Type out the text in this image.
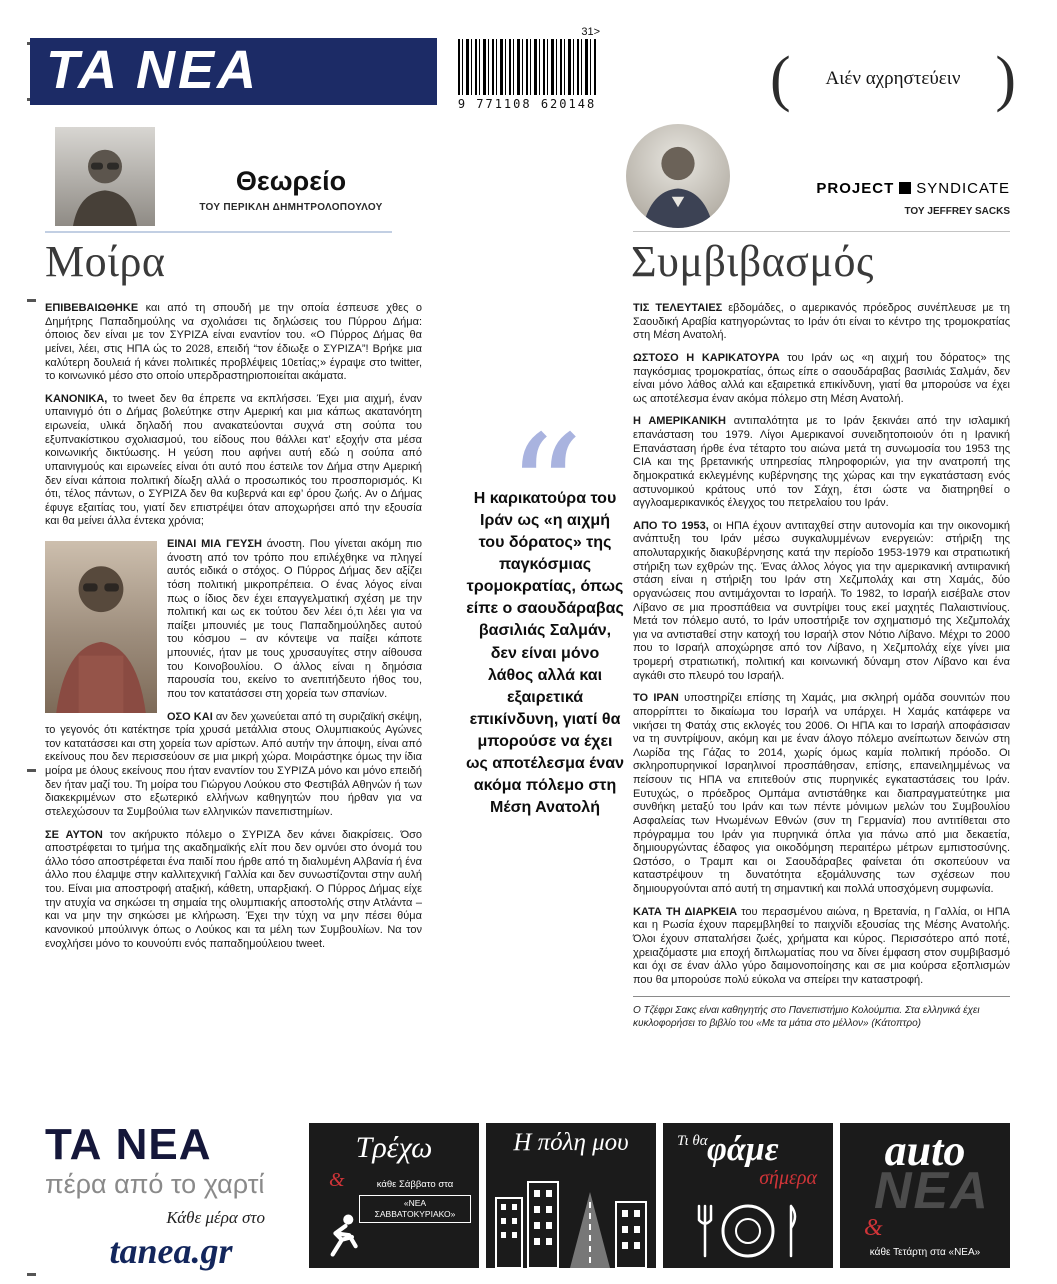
ΤΑ ΝΕΑ
31>
9 771108 620148	( Αιέν αχρηστεύειν )
Θεωρείο
ΤΟΥ ΠΕΡΙΚΛΗ ΔΗΜΗΤΡΟΛΟΠΟΥΛΟΥ
PROJECT SYNDICATE
ΤΟΥ JEFFREY SACKS
Μοίρα	Συμβιβασμός

ΕΠΙΒΕΒΑΙΩΘΗΚΕ και από τη σπουδή με την οποία έσπευσε χθες ο Δημήτρης Παπαδημούλης να σχολιάσει τις δηλώσεις του Πύρρου Δήμα: όποιος δεν είναι με τον ΣΥΡΙΖΑ είναι εναντίον του. «Ο Πύρρος Δήμας θα μείνει, λέει, στις ΗΠΑ ώς το 2028, επειδή “τον έδιωξε ο ΣΥΡΙΖΑ”! Βρήκε μια καλύτερη δουλειά ή κάνει πολιτικές προβλέψεις 10ετίας;» έγραψε στο twitter, το κοινωνικό μέσο στο οποίο υπερδραστηριοποιείται ακάματα.

ΚΑΝΟΝΙΚΑ, το tweet δεν θα έπρεπε να εκπλήσσει. Έχει μια αιχμή, έναν υπαινιγμό ότι ο Δήμας βολεύτηκε στην Αμερική και μια κάπως ακατανόητη ειρωνεία, υλικά δηλαδή που ανακατεύονται συχνά στη σούπα του εξυπνακίστικου σχολιασμού, του είδους που θάλλει κατ’ εξοχήν στα μέσα κοινωνικής δικτύωσης. Η γεύση που αφήνει αυτή εδώ η σούπα από υπαινιγμούς και ειρωνείες είναι ότι αυτό που έστειλε τον Δήμα στην Αμερική δεν είναι κάποια πολιτική δίωξη αλλά ο προσωπικός του προσπορισμός. Κι ότι, τέλος πάντων, ο ΣΥΡΙΖΑ δεν θα κυβερνά και εφ’ όρου ζωής. Αν ο Δήμας έφυγε εξαιτίας του, γιατί δεν επιστρέψει όταν αποχωρήσει από την εξουσία και θα μείνει άλλα έντεκα χρόνια;

ΕΙΝΑΙ ΜΙΑ ΓΕΥΣΗ άνοστη. Που γίνεται ακόμη πιο άνοστη από τον τρόπο που επιλέχθηκε να πληγεί αυτός ειδικά ο στόχος. Ο Πύρρος Δήμας δεν αξίζει τόση πολιτική μικροπρέπεια. Ο ένας λόγος είναι πως ο ίδιος δεν έχει επαγγελματική σχέση με την πολιτική και ως εκ τούτου δεν λέει ό,τι λέει για να παίξει μπουνιές με τους Παπαδημούληδες αυτού του κόσμου – αν κόντεψε να παίξει κάποτε μπουνιές, ήταν με τους χρυσαυγίτες στην αίθουσα του Κοινοβουλίου. Ο άλλος είναι η δημόσια παρουσία του, εκείνο το ανεπιτήδευτο ήθος του, που τον κατατάσσει στη χορεία των σπανίων.

ΟΣΟ ΚΑΙ αν δεν χωνεύεται από τη συριζαϊκή σκέψη, το γεγονός ότι κατέκτησε τρία χρυσά μετάλλια στους Ολυμπιακούς Αγώνες τον κατατάσσει και στη χορεία των αρίστων. Από αυτήν την άποψη, είναι από εκείνους που δεν περισσεύουν σε μια μικρή χώρα. Μοιράστηκε όμως την ίδια μοίρα με όλους εκείνους που ήταν εναντίον του ΣΥΡΙΖΑ μόνο και μόνο επειδή δεν ήταν μαζί του. Τη μοίρα του Γιώργου Λούκου στο Φεστιβάλ Αθηνών ή των διακεκριμένων στο εξωτερικό ελλήνων καθηγητών που ήρθαν για να στελεχώσουν τα Συμβούλια των ελληνικών πανεπιστημίων.

ΣΕ ΑΥΤΟΝ τον ακήρυκτο πόλεμο ο ΣΥΡΙΖΑ δεν κάνει διακρίσεις. Όσο αποστρέφεται το τμήμα της ακαδημαϊκής ελίτ που δεν ομνύει στο όνομά του άλλο τόσο αποστρέφεται ένα παιδί που ήρθε από τη διαλυμένη Αλβανία ή ένα άλλο που έλαμψε στην καλλιτεχνική Γαλλία και δεν συνωστίζονται στην αυλή του. Είναι μια αποστροφή αταξική, κάθετη, υπαρξιακή. Ο Πύρρος Δήμας είχε την ατυχία να σηκώσει τη σημαία της ολυμπιακής αποστολής στην Ατλάντα – και να μην την σηκώσει με κλήρωση. Έχει την τύχη να μην πέσει θύμα κανονικού μπούλινγκ όπως ο Λούκος και τα μέλη των Συμβουλίων. Να τον ενοχλήσει μόνο το κουνούπι ενός παπαδημούλειου tweet.

“
Η καρικατούρα του Ιράν ως «η αιχμή του δόρατος» της παγκόσμιας τρομοκρατίας, όπως είπε ο σαουδάραβας βασιλιάς Σαλμάν, δεν είναι μόνο λάθος αλλά και εξαιρετικά επικίνδυνη, γιατί θα μπορούσε να έχει ως αποτέλεσμα έναν ακόμα πόλεμο στη Μέση Ανατολή
”

ΤΙΣ ΤΕΛΕΥΤΑΙΕΣ εβδομάδες, ο αμερικανός πρόεδρος συνέπλευσε με τη Σαουδική Αραβία κατηγορώντας το Ιράν ότι είναι το κέντρο της τρομοκρατίας στη Μέση Ανατολή.

ΩΣΤΟΣΟ Η ΚΑΡΙΚΑΤΟΥΡΑ του Ιράν ως «η αιχμή του δόρατος» της παγκόσμιας τρομοκρατίας, όπως είπε ο σαουδάραβας βασιλιάς Σαλμάν, δεν είναι μόνο λάθος αλλά και εξαιρετικά επικίνδυνη, γιατί θα μπορούσε να έχει ως αποτέλεσμα έναν ακόμα πόλεμο στη Μέση Ανατολή.

Η ΑΜΕΡΙΚΑΝΙΚΗ αντιπαλότητα με το Ιράν ξεκινάει από την ισλαμική επανάσταση του 1979. Λίγοι Αμερικανοί συνειδητοποιούν ότι η Ιρανική Επανάσταση ήρθε ένα τέταρτο του αιώνα μετά τη συνωμοσία του 1953 της CIA και της βρετανικής υπηρεσίας πληροφοριών, για την ανατροπή της δημοκρατικά εκλεγμένης κυβέρνησης της χώρας και την εγκατάσταση ενός αστυνομικού κράτους υπό τον Σάχη, έτσι ώστε να διατηρηθεί ο αγγλοαμερικανικός έλεγχος του πετρελαίου του Ιράν.

ΑΠΟ ΤΟ 1953, οι ΗΠΑ έχουν αντιταχθεί στην αυτονομία και την οικονομική ανάπτυξη του Ιράν μέσω συγκαλυμμένων ενεργειών: στήριξη της απολυταρχικής διακυβέρνησης κατά την περίοδο 1953-1979 και στρατιωτική στήριξη των εχθρών της. Ένας άλλος λόγος για την αμερικανική αντιιρανική στάση είναι η στήριξη του Ιράν στη Χεζμπολάχ και στη Χαμάς, δύο οργανώσεις που αντιμάχονται το Ισραήλ. Το 1982, το Ισραήλ εισέβαλε στον Λίβανο σε μια προσπάθεια να συντρίψει τους εκεί μαχητές Παλαιστινίους. Μετά τον πόλεμο αυτό, το Ιράν υποστήριξε τον σχηματισμό της Χεζμπολάχ για να αντισταθεί στην κατοχή του Ισραήλ στον Νότιο Λίβανο. Μέχρι το 2000 που το Ισραήλ αποχώρησε από τον Λίβανο, η Χεζμπολάχ είχε γίνει μια τρομερή στρατιωτική, πολιτική και κοινωνική δύναμη στον Λίβανο και ένα αγκάθι στο πλευρό του Ισραήλ.

ΤΟ ΙΡΑΝ υποστηρίζει επίσης τη Χαμάς, μια σκληρή ομάδα σουνιτών που απορρίπτει το δικαίωμα του Ισραήλ να υπάρχει. Η Χαμάς κατάφερε να νικήσει τη Φατάχ στις εκλογές του 2006. Οι ΗΠΑ και το Ισραήλ αποφάσισαν να τη συντρίψουν, ακόμη και με έναν άλογο πόλεμο ανείπωτων δεινών στη Λωρίδα της Γάζας το 2014, χωρίς όμως καμία πολιτική πρόοδο. Οι σκληροπυρηνικοί Ισραηλινοί προσπάθησαν, επίσης, επανειλημμένως να πείσουν τις ΗΠΑ να επιτεθούν στις πυρηνικές εγκαταστάσεις του Ιράν. Ευτυχώς, ο πρόεδρος Ομπάμα αντιστάθηκε και διαπραγματεύτηκε μια συνθήκη μεταξύ του Ιράν και των πέντε μόνιμων μελών του Συμβουλίου Ασφαλείας των Ηνωμένων Εθνών (συν τη Γερμανία) που αντιτίθεται στο πρόγραμμα του Ιράν για πυρηνικά όπλα για πάνω από μια δεκαετία, δημιουργώντας έδαφος για οικοδόμηση περαιτέρω μέτρων εμπιστοσύνης. Ωστόσο, ο Τραμπ και οι Σαουδάραβες φαίνεται ότι σκοπεύουν να καταστρέψουν τη δυνατότητα εξομάλυνσης των σχέσεων που δημιουργούνται από αυτή τη σημαντική και πολλά υποσχόμενη συμφωνία.

ΚΑΤΑ ΤΗ ΔΙΑΡΚΕΙΑ του περασμένου αιώνα, η Βρετανία, η Γαλλία, οι ΗΠΑ και η Ρωσία έχουν παρεμβληθεί το παιχνίδι εξουσίας της Μέσης Ανατολής. Όλοι έχουν σπαταλήσει ζωές, χρήματα και κύρος. Περισσότερο από ποτέ, χρειαζόμαστε μια εποχή διπλωματίας που να δίνει έμφαση στον συμβιβασμό και όχι σε έναν άλλο γύρο δαιμονοποίησης και σε μια κούρσα εξοπλισμών που θα μπορούσε πολύ εύκολα να σπείρει την καταστροφή.

Ο Τζέφρι Σακς είναι καθηγητής στο Πανεπιστήμιο Κολούμπια. Στα ελληνικά έχει κυκλοφορήσει το βιβλίο του «Με τα μάτια στο μέλλον» (Κάτοπτρο)
ΤΑ ΝΕΑ
πέρα από το χαρτί
Κάθε μέρα στο
tanea.gr
Τρέχω
&	κάθε Σάββατο στα
«ΝΕΑ ΣΑΒΒΑΤΟΚΥΡΙΑΚΟ»
Η πόλη μου	Τι θα φάμε
σήμερα ΝΕΑ
auto
&
κάθε Τετάρτη στα «ΝΕΑ»
